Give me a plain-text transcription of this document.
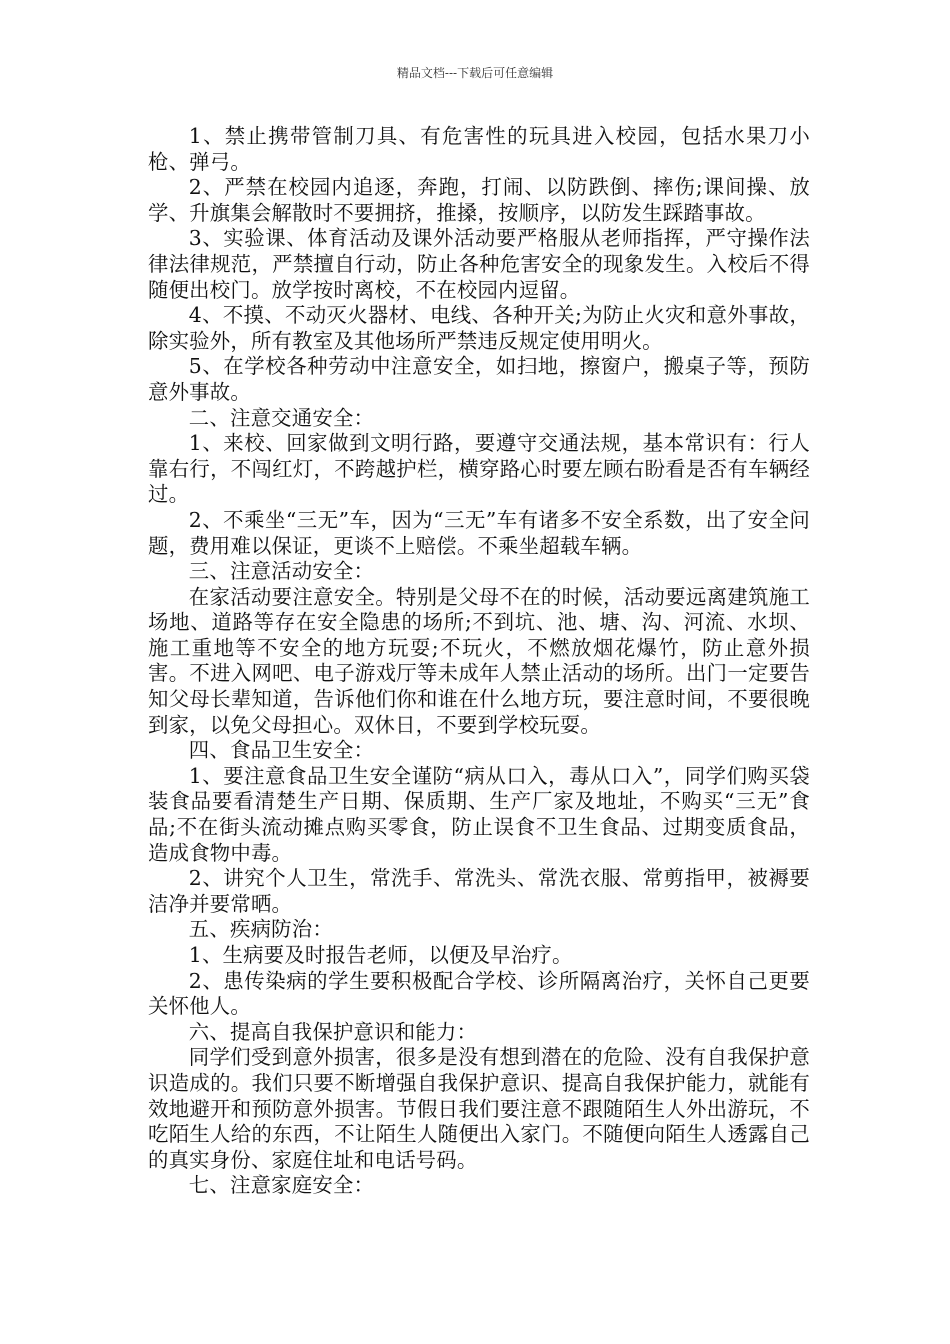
精品文档---下载后可任意编辑

1、禁止携带管制刀具、有危害性的玩具进入校园，包括水果刀小枪、弹弓。

2、严禁在校园内追逐，奔跑，打闹、以防跌倒、摔伤;课间操、放学、升旗集会解散时不要拥挤，推搡，按顺序，以防发生踩踏事故。

3、实验课、体育活动及课外活动要严格服从老师指挥，严守操作法律法律规范，严禁擅自行动，防止各种危害安全的现象发生。入校后不得随便出校门。放学按时离校，不在校园内逗留。

4、不摸、不动灭火器材、电线、各种开关;为防止火灾和意外事故，除实验外，所有教室及其他场所严禁违反规定使用明火。

5、在学校各种劳动中注意安全，如扫地，擦窗户，搬桌子等，预防意外事故。

二、注意交通安全：

1、来校、回家做到文明行路，要遵守交通法规，基本常识有：行人靠右行，不闯红灯，不跨越护栏，横穿路心时要左顾右盼看是否有车辆经过。

2、不乘坐“三无”车，因为“三无”车有诸多不安全系数，出了安全问题，费用难以保证，更谈不上赔偿。不乘坐超载车辆。

三、注意活动安全：

在家活动要注意安全。特别是父母不在的时候，活动要远离建筑施工场地、道路等存在安全隐患的场所;不到坑、池、塘、沟、河流、水坝、施工重地等不安全的地方玩耍;不玩火，不燃放烟花爆竹，防止意外损害。不进入网吧、电子游戏厅等未成年人禁止活动的场所。出门一定要告知父母长辈知道，告诉他们你和谁在什么地方玩，要注意时间，不要很晚到家，以免父母担心。双休日，不要到学校玩耍。

四、食品卫生安全：

1、要注意食品卫生安全谨防“病从口入，毒从口入”，同学们购买袋装食品要看清楚生产日期、保质期、生产厂家及地址，不购买“三无”食品;不在街头流动摊点购买零食，防止误食不卫生食品、过期变质食品，造成食物中毒。

2、讲究个人卫生，常洗手、常洗头、常洗衣服、常剪指甲，被褥要洁净并要常晒。

五、疾病防治：

1、生病要及时报告老师，以便及早治疗。

2、患传染病的学生要积极配合学校、诊所隔离治疗，关怀自己更要关怀他人。

六、提高自我保护意识和能力：

同学们受到意外损害，很多是没有想到潜在的危险、没有自我保护意识造成的。我们只要不断增强自我保护意识、提高自我保护能力，就能有效地避开和预防意外损害。节假日我们要注意不跟随陌生人外出游玩，不吃陌生人给的东西，不让陌生人随便出入家门。不随便向陌生人透露自己的真实身份、家庭住址和电话号码。

七、注意家庭安全：
